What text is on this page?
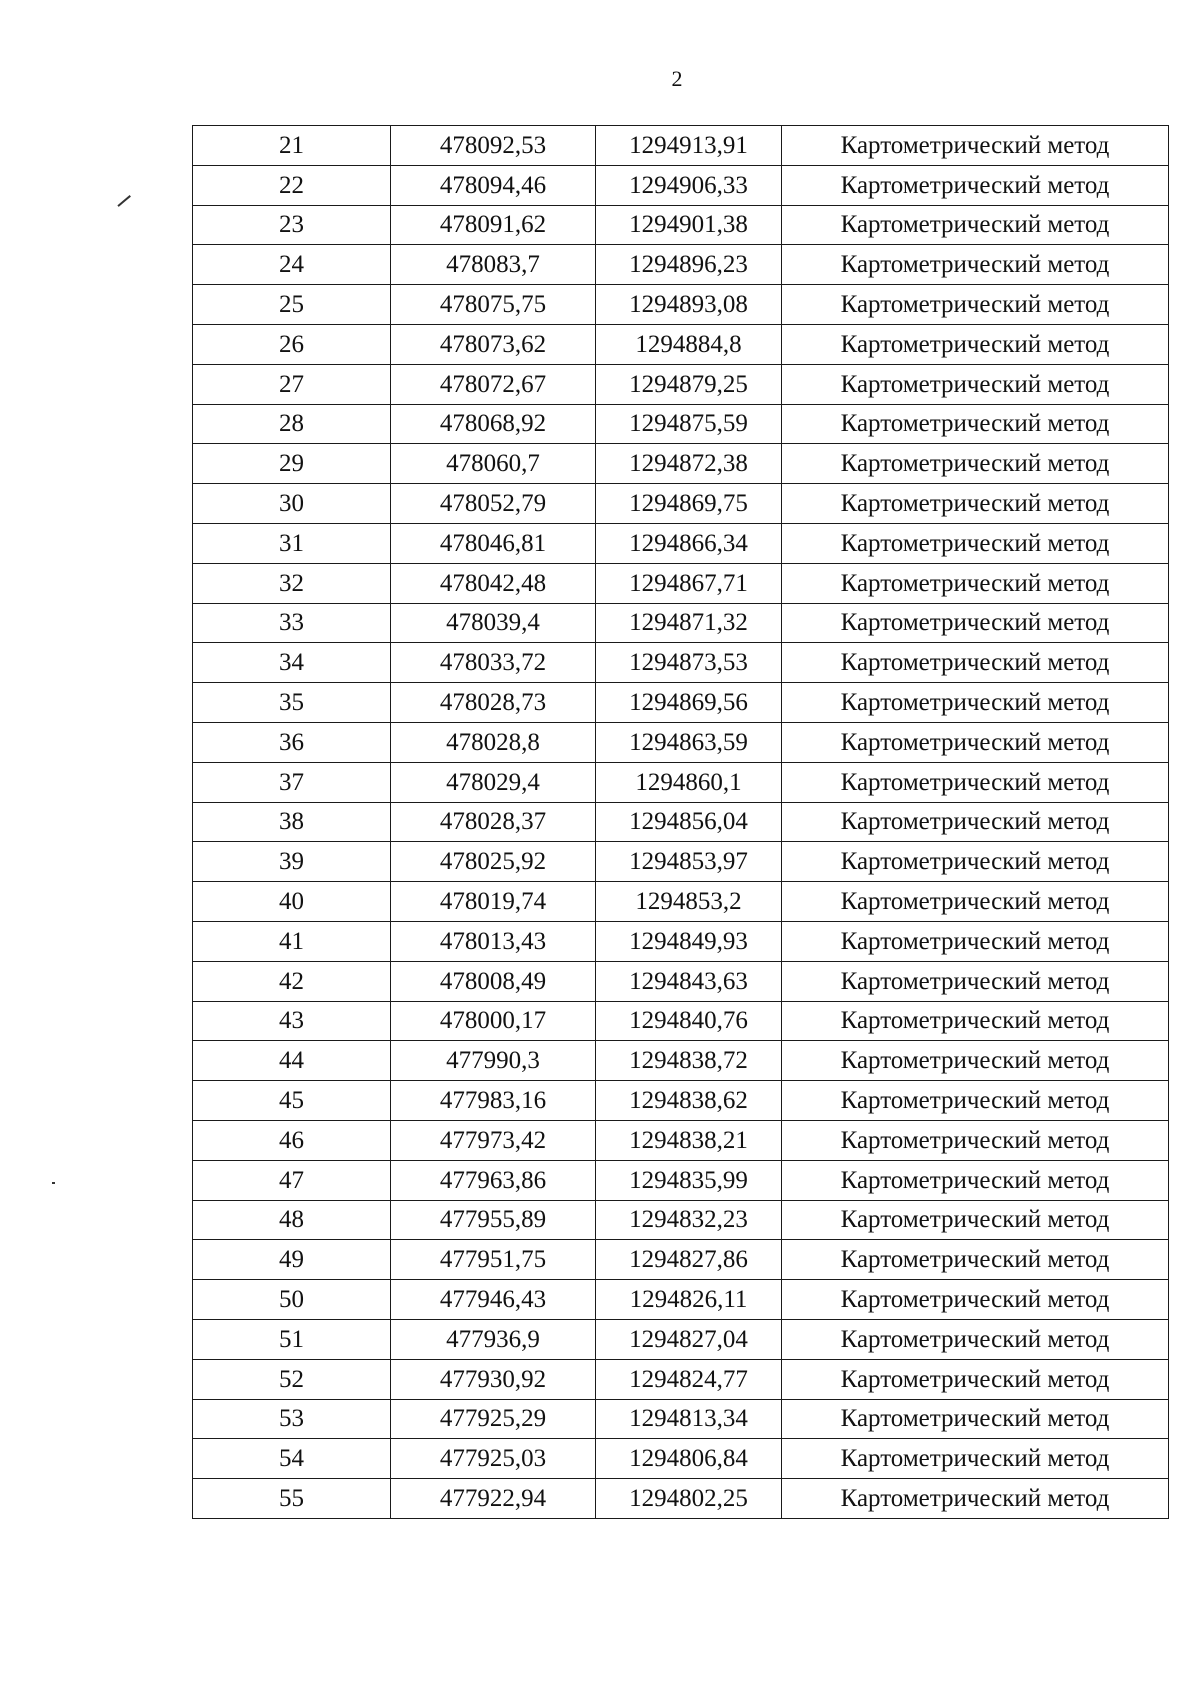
2
21	478092,53	1294913,91	Картометрический метод
22	478094,46	1294906,33	Картометрический метод
23	478091,62	1294901,38	Картометрический метод
24	478083,7	1294896,23	Картометрический метод
25	478075,75	1294893,08	Картометрический метод
26	478073,62	1294884,8	Картометрический метод
27	478072,67	1294879,25	Картометрический метод
28	478068,92	1294875,59	Картометрический метод
29	478060,7	1294872,38	Картометрический метод
30	478052,79	1294869,75	Картометрический метод
31	478046,81	1294866,34	Картометрический метод
32	478042,48	1294867,71	Картометрический метод
33	478039,4	1294871,32	Картометрический метод
34	478033,72	1294873,53	Картометрический метод
35	478028,73	1294869,56	Картометрический метод
36	478028,8	1294863,59	Картометрический метод
37	478029,4	1294860,1	Картометрический метод
38	478028,37	1294856,04	Картометрический метод
39	478025,92	1294853,97	Картометрический метод
40	478019,74	1294853,2	Картометрический метод
41	478013,43	1294849,93	Картометрический метод
42	478008,49	1294843,63	Картометрический метод
43	478000,17	1294840,76	Картометрический метод
44	477990,3	1294838,72	Картометрический метод
45	477983,16	1294838,62	Картометрический метод
46	477973,42	1294838,21	Картометрический метод
47	477963,86	1294835,99	Картометрический метод
48	477955,89	1294832,23	Картометрический метод
49	477951,75	1294827,86	Картометрический метод
50	477946,43	1294826,11	Картометрический метод
51	477936,9	1294827,04	Картометрический метод
52	477930,92	1294824,77	Картометрический метод
53	477925,29	1294813,34	Картометрический метод
54	477925,03	1294806,84	Картометрический метод
55	477922,94	1294802,25	Картометрический метод
